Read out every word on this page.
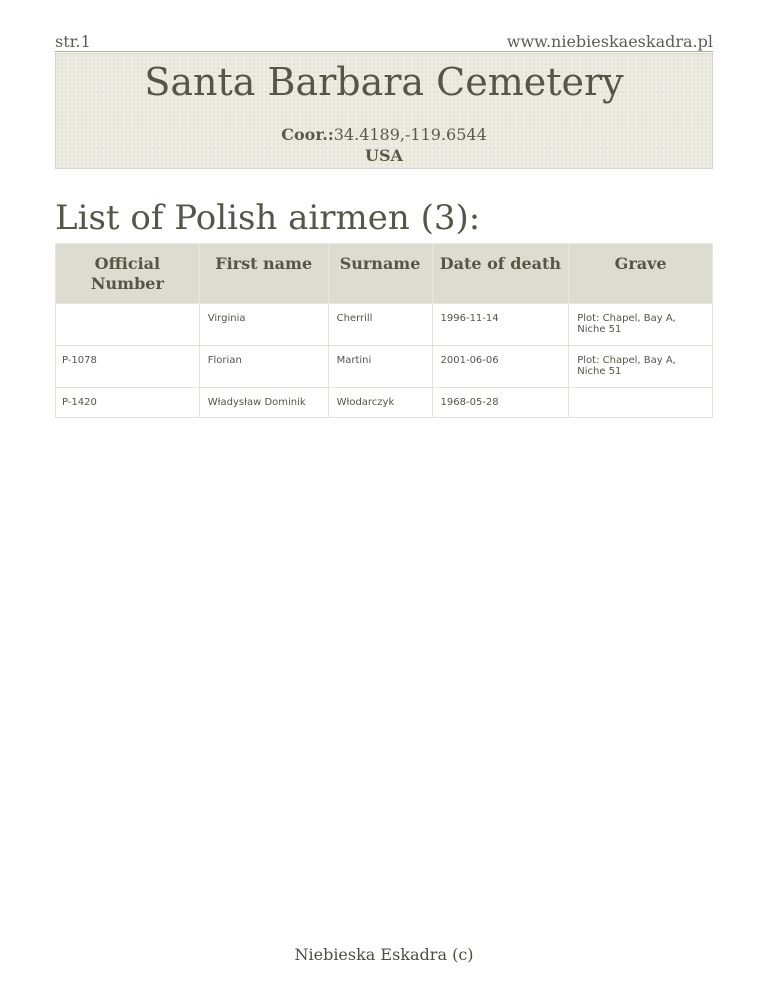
str.1	www.niebieskaeskadra.pl
Santa Barbara Cemetery
Coor.:34.4189,-119.6544
USA
List of Polish airmen (3):
Official Number	First name	Surname	Date of death	Grave
	Virginia	Cherrill	1996-11-14	Plot: Chapel, Bay A, Niche 51
P-1078	Florian	Martini	2001-06-06	Plot: Chapel, Bay A, Niche 51
P-1420	Władysław Dominik	Włodarczyk	1968-05-28	
Niebieska Eskadra (c)
